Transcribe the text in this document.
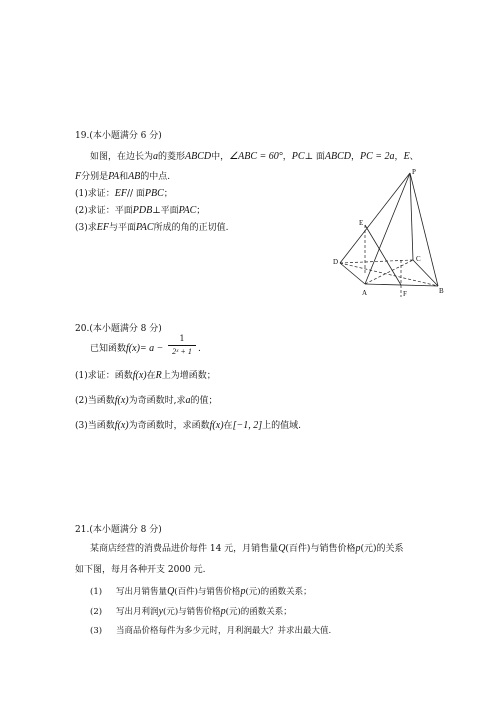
19.(本小题满分 6 分)
如图，在边长为a的菱形ABCD中，∠ABC = 60°，PC⊥ 面ABCD，PC = 2a，E、
F分别是PA和AB的中点.
(1)求证：EF// 面PBC；
(2)求证：平面PDB⊥平面PAC；
(3)求EF与平面PAC所成的角的正切值.
P
E
D	C
A	F	B
20.(本小题满分 8 分)
已知函数f(x)= a −
1
2ˣ + 1 .
(1)求证：函数f(x)在R上为增函数；
(2)当函数f(x)为奇函数时,求a的值；
(3)当函数f(x)为奇函数时，求函数f(x)在[−1, 2]上的值域.
21.(本小题满分 8 分)
某商店经营的消费品进价每件 14 元，月销售量Q(百件)与销售价格p(元)的关系
如下图，每月各种开支 2000 元.
(1) 写出月销售量Q(百件)与销售价格p(元)的函数关系；
(2) 写出月利润y(元)与销售价格p(元)的函数关系；
(3) 当商品价格每件为多少元时，月利润最大？并求出最大值.
